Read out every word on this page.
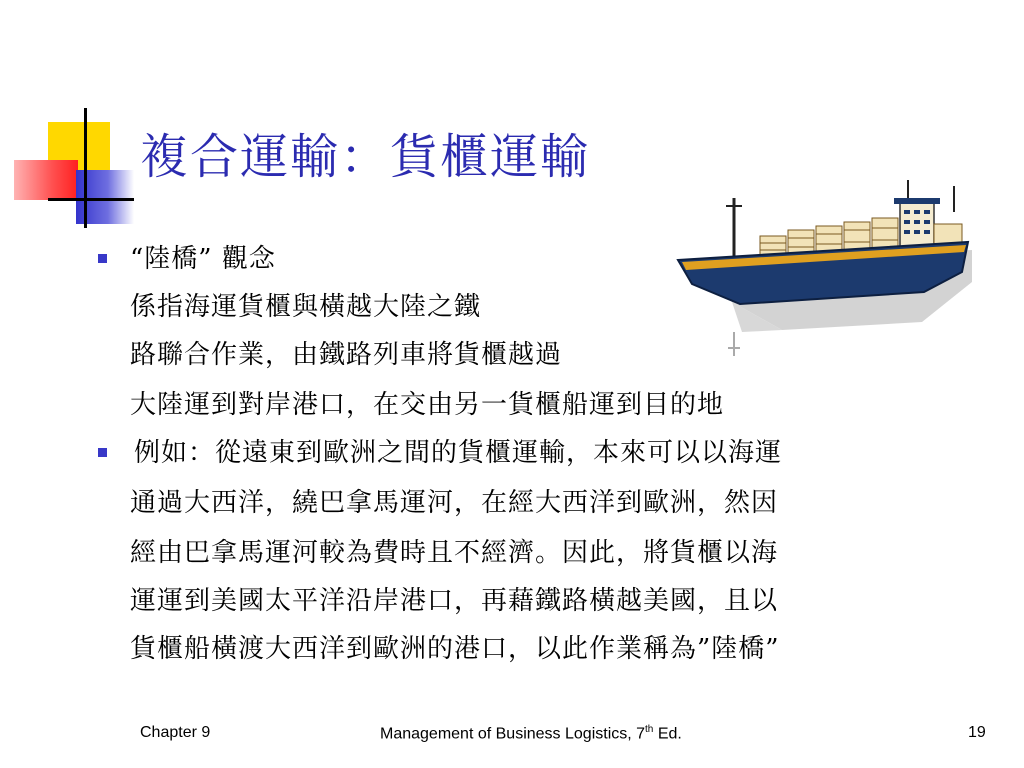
複合運輸：貨櫃運輸
“陸橋” 觀念
係指海運貨櫃與橫越大陸之鐵
路聯合作業，由鐵路列車將貨櫃越過
大陸運到對岸港口，在交由另一貨櫃船運到目的地
例如：從遠東到歐洲之間的貨櫃運輸，本來可以以海運
通過大西洋，繞巴拿馬運河，在經大西洋到歐洲，然因
經由巴拿馬運河較為費時且不經濟。因此，將貨櫃以海
運運到美國太平洋沿岸港口，再藉鐵路橫越美國，且以
貨櫃船橫渡大西洋到歐洲的港口，以此作業稱為”陸橋”
Chapter 9	Management of Business Logistics, 7th Ed.	19
